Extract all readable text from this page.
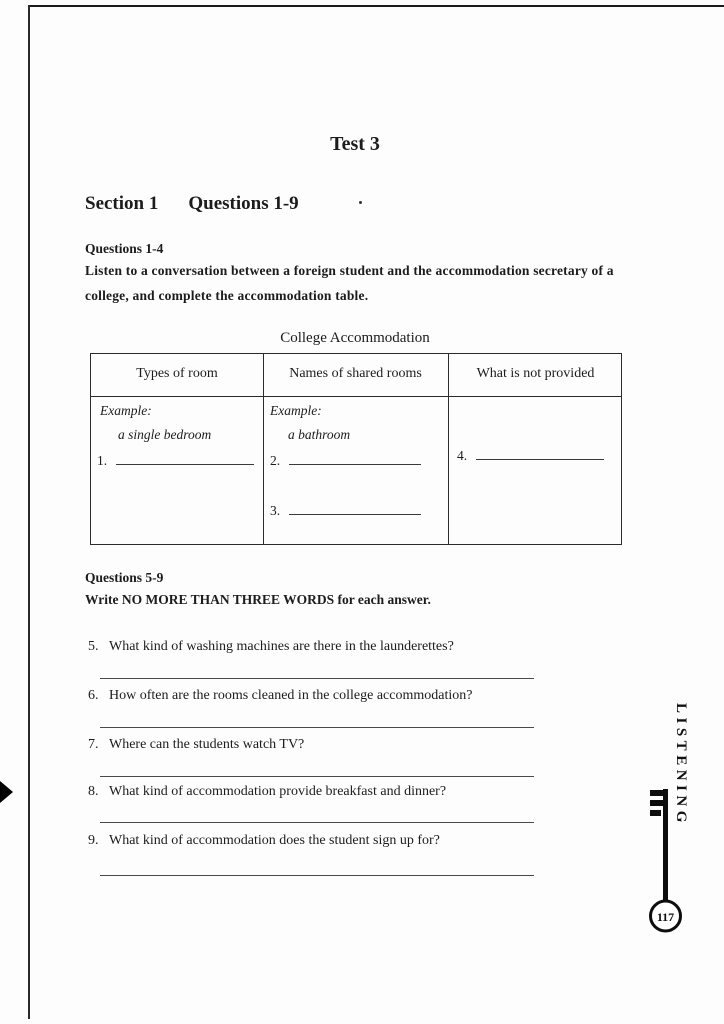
Test 3
Section 1 Questions 1-9
Questions 1-4
Listen to a conversation between a foreign student and the accommodation secretary of a
college, and complete the accommodation table.
College Accommodation
Types of room	Names of shared rooms	What is not provided
Example:
a single bedroom
1.
Example:
a bathroom
2.
3.
4.
Questions 5-9
Write NO MORE THAN THREE WORDS for each answer.
5. What kind of washing machines are there in the launderettes?
6. How often are the rooms cleaned in the college accommodation?
7. Where can the students watch TV?
8. What kind of accommodation provide breakfast and dinner?
9. What kind of accommodation does the student sign up for?
LISTENING
117
